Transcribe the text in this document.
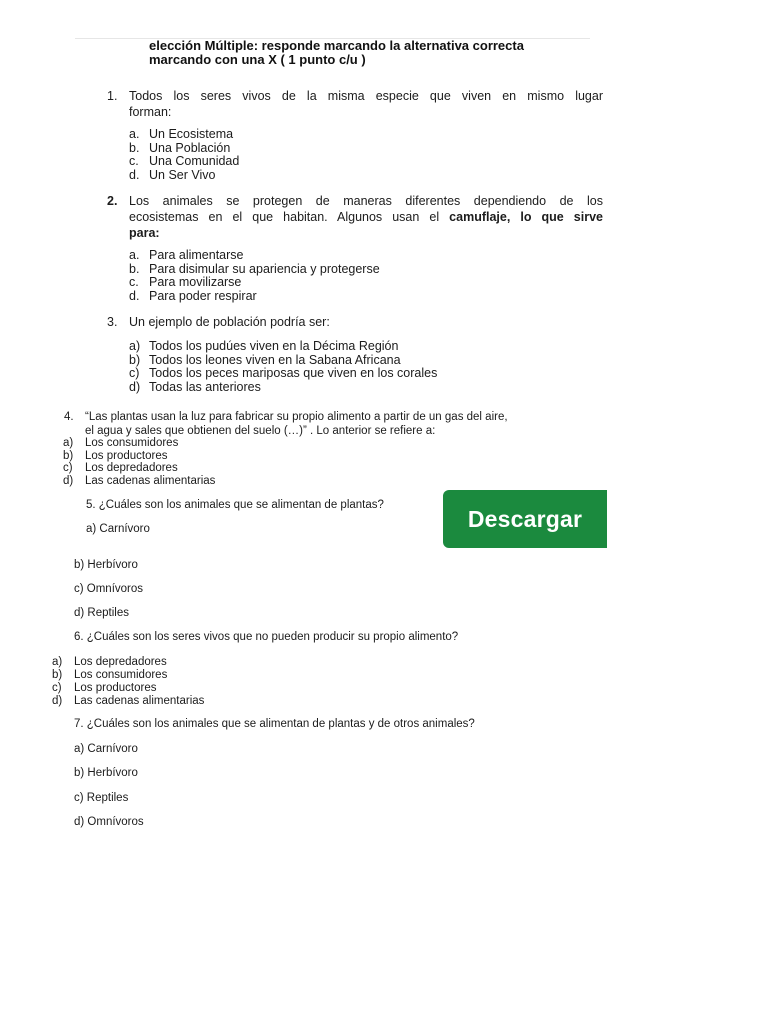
elección Múltiple: responde marcando la alternativa correcta
marcando con una X ( 1 punto c/u )
1. Todos los seres vivos de la misma especie que viven en mismo lugar
forman:
a. Un Ecosistema
b. Una Población
c. Una Comunidad
d. Un Ser Vivo
2. Los animales se protegen de maneras diferentes dependiendo de los
ecosistemas en el que habitan. Algunos usan el camuflaje, lo que sirve
para:
a. Para alimentarse
b. Para disimular su apariencia y protegerse
c. Para movilizarse
d. Para poder respirar
3. Un ejemplo de población podría ser:
a) Todos los pudúes viven en la Décima Región
b) Todos los leones viven en la Sabana Africana
c) Todos los peces mariposas que viven en los corales
d) Todas las anteriores
4. “Las plantas usan la luz para fabricar su propio alimento a partir de un gas del aire,
el agua y sales que obtienen del suelo (…)” . Lo anterior se refiere a:
a) Los consumidores
b) Los productores
c) Los depredadores
d) Las cadenas alimentarias
5. ¿Cuáles son los animales que se alimentan de plantas?
a) Carnívoro
b) Herbívoro
c) Omnívoros
d) Reptiles
Descargar
6. ¿Cuáles son los seres vivos que no pueden producir su propio alimento?
a) Los depredadores
b) Los consumidores
c) Los productores
d) Las cadenas alimentarias
7. ¿Cuáles son los animales que se alimentan de plantas y de otros animales?
a) Carnívoro
b) Herbívoro
c) Reptiles
d) Omnívoros
